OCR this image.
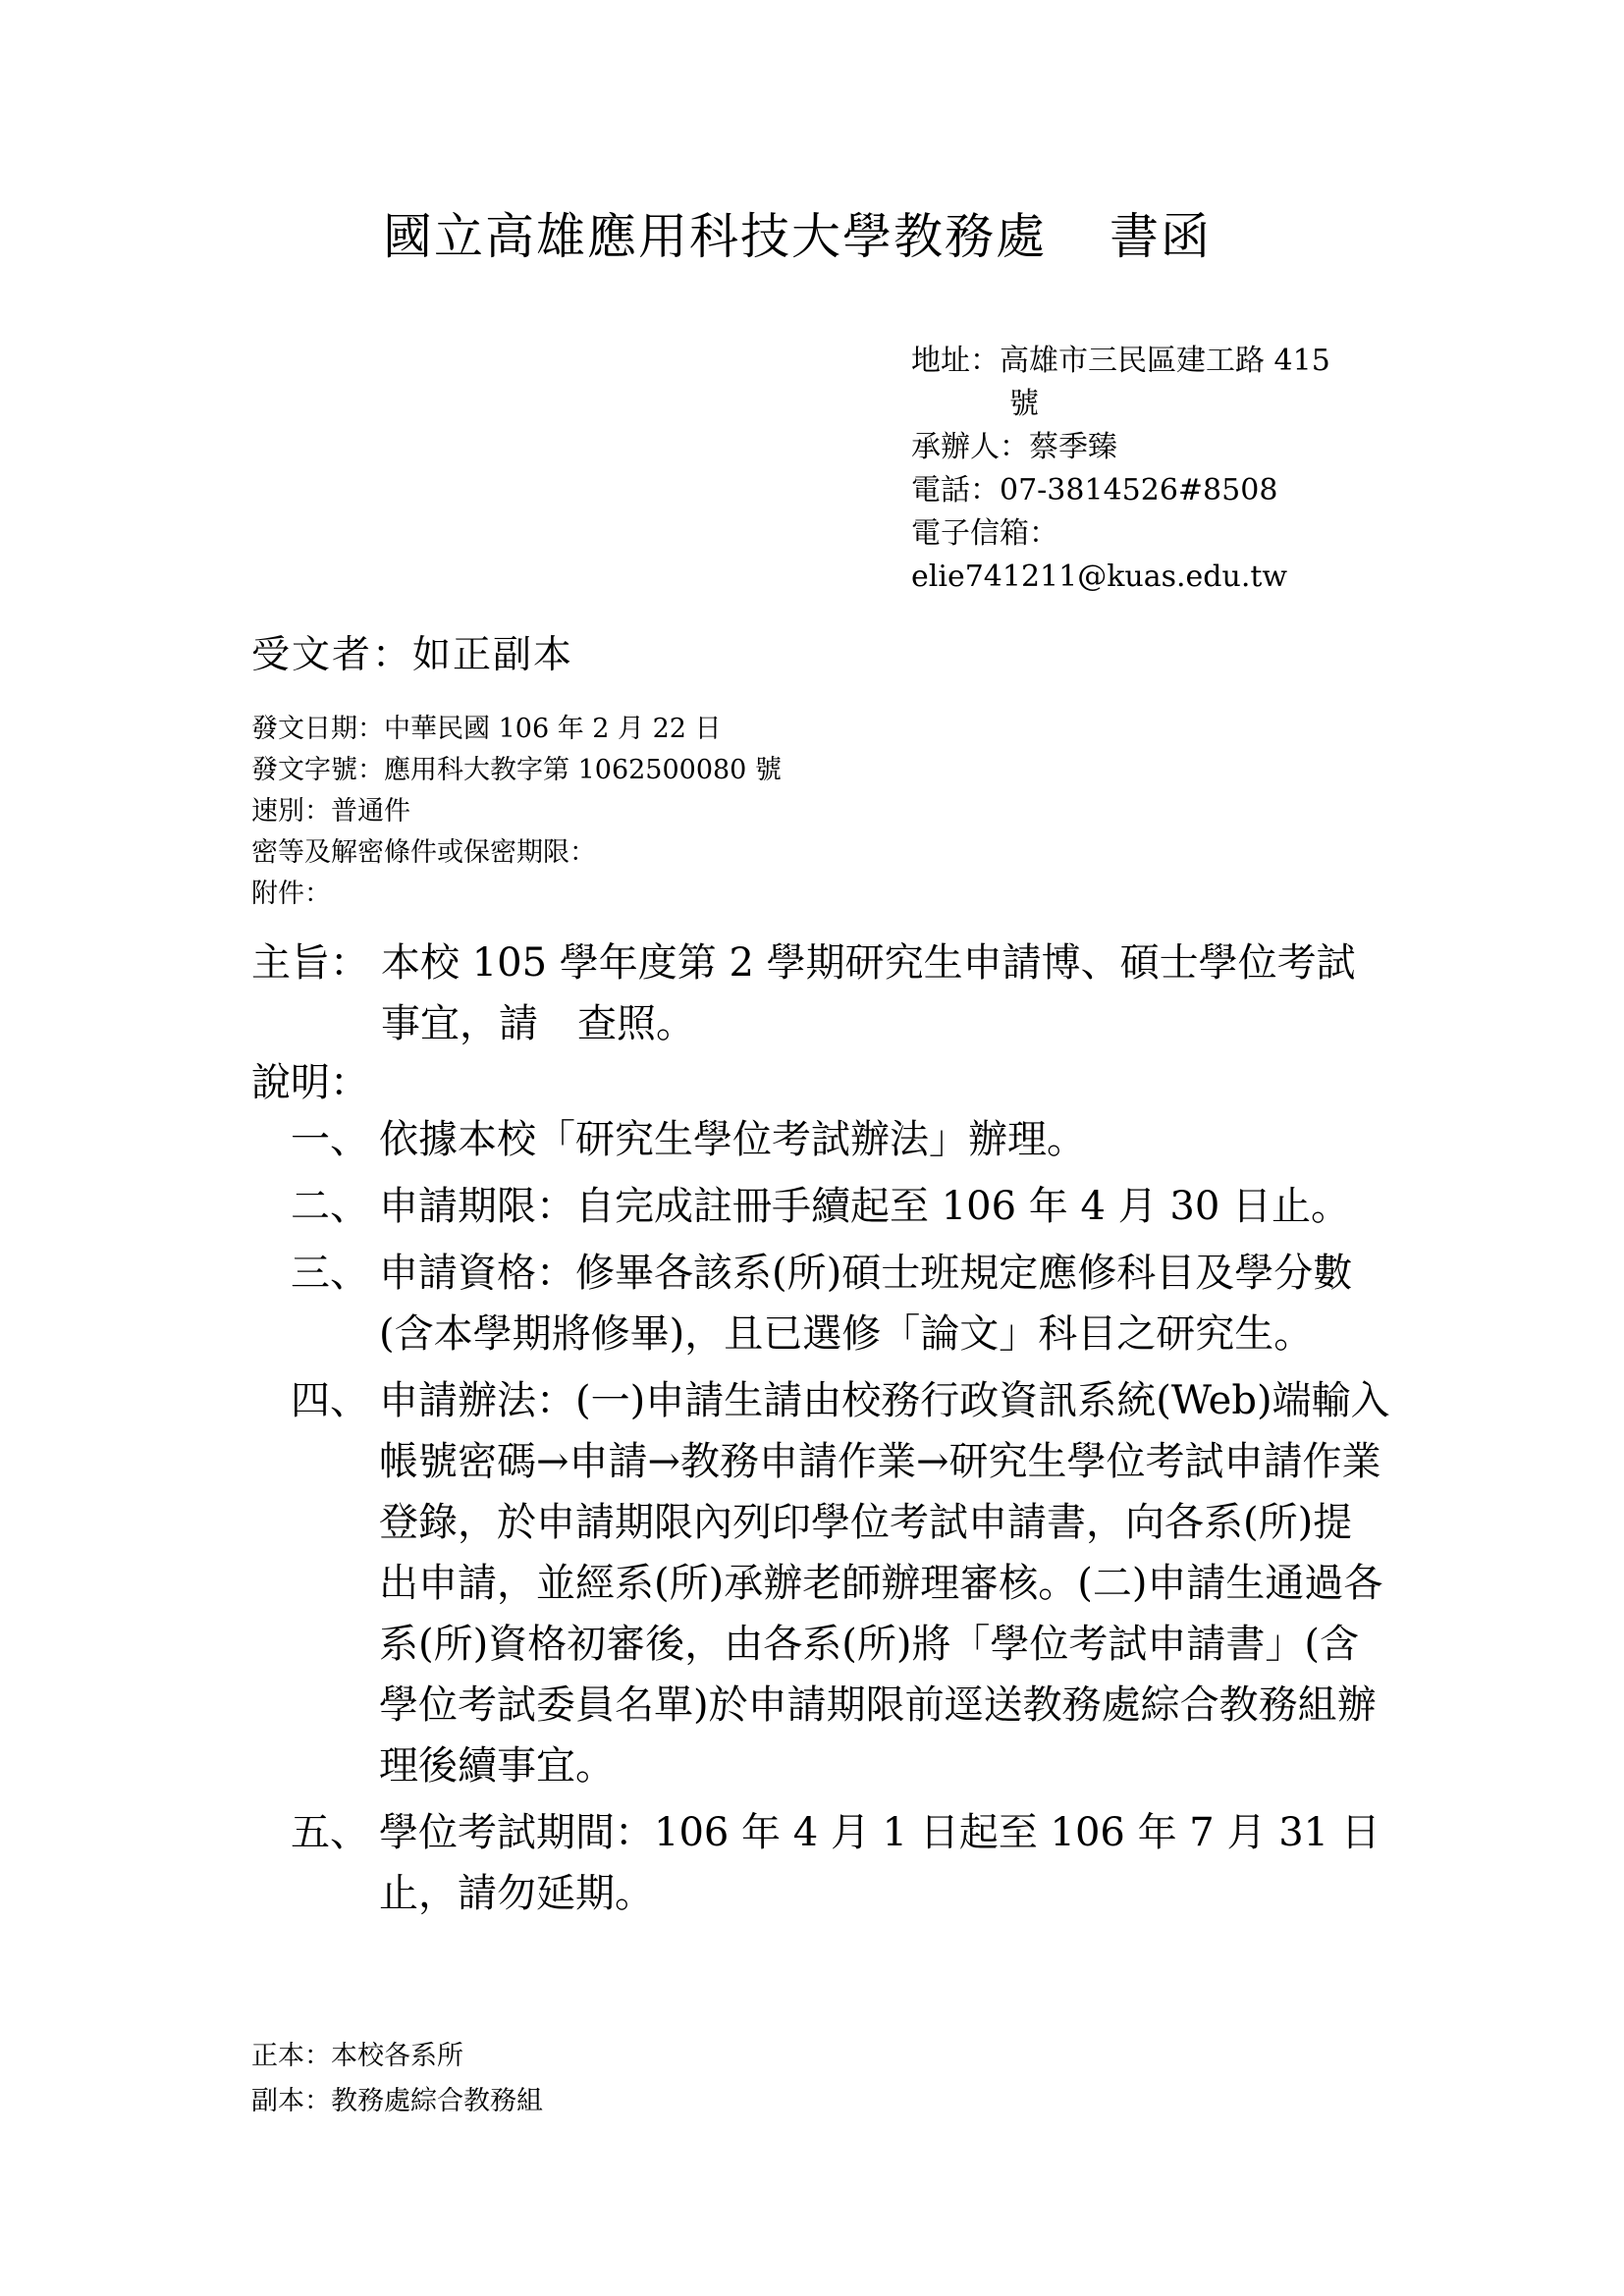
國立高雄應用科技大學教務處 書函
地址：高雄市三民區建工路 415
號
承辦人：蔡季臻
電話：07-3814526#8508
電子信箱：
elie741211@kuas.edu.tw
受文者：如正副本
發文日期：中華民國 106 年 2 月 22 日
發文字號：應用科大教字第 1062500080 號
速別：普通件
密等及解密條件或保密期限：
附件：
主旨： 本校 105 學年度第 2 學期研究生申請博、碩士學位考試事宜，請　查照。
說明：
一、 依據本校「研究生學位考試辦法」辦理。
二、 申請期限：自完成註冊手續起至 106 年 4 月 30 日止。
三、 申請資格：修畢各該系(所)碩士班規定應修科目及學分數(含本學期將修畢)，且已選修「論文」科目之研究生。
四、 申請辦法：(一)申請生請由校務行政資訊系統(Web)端輸入帳號密碼→申請→教務申請作業→研究生學位考試申請作業登錄，於申請期限內列印學位考試申請書，向各系(所)提出申請，並經系(所)承辦老師辦理審核。(二)申請生通過各系(所)資格初審後，由各系(所)將「學位考試申請書」(含學位考試委員名單)於申請期限前逕送教務處綜合教務組辦理後續事宜。
五、 學位考試期間：106 年 4 月 1 日起至 106 年 7 月 31 日止，請勿延期。
正本：本校各系所
副本：教務處綜合教務組
